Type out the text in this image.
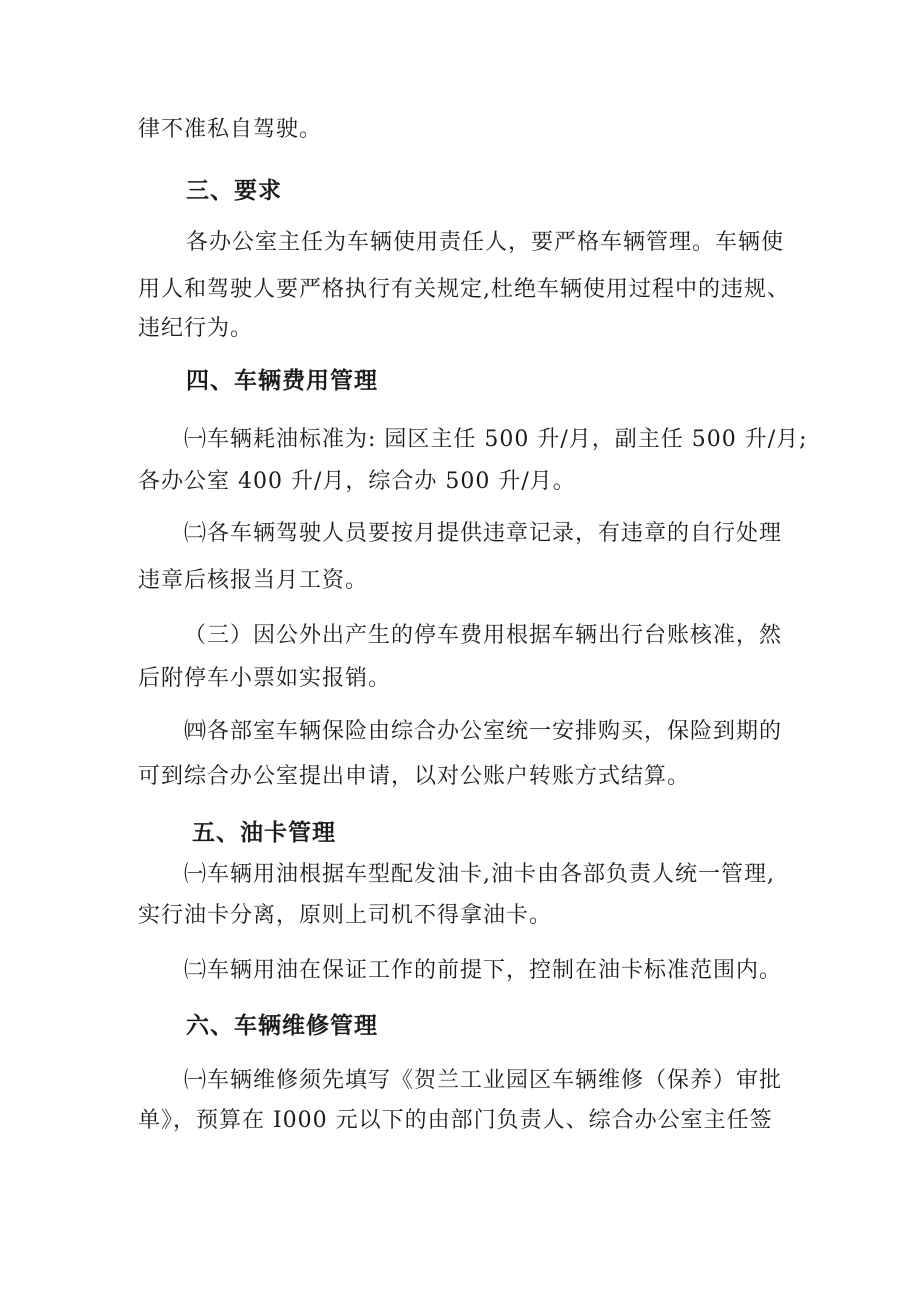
律不准私自驾驶。
三、要求
各办公室主任为车辆使用责任人，要严格车辆管理。车辆使
用人和驾驶人要严格执行有关规定,杜绝车辆使用过程中的违规、
违纪行为。
四、车辆费用管理
㈠车辆耗油标准为: 园区主任 500 升/月，副主任 500 升/月;
各办公室 400 升/月，综合办 500 升/月。
㈡各车辆驾驶人员要按月提供违章记录，有违章的自行处理
违章后核报当月工资。
（三）因公外出产生的停车费用根据车辆出行台账核准，然
后附停车小票如实报销。
㈣各部室车辆保险由综合办公室统一安排购买，保险到期的
可到综合办公室提出申请，以对公账户转账方式结算。
五、油卡管理
㈠车辆用油根据车型配发油卡,油卡由各部负责人统一管理,
实行油卡分离，原则上司机不得拿油卡。
㈡车辆用油在保证工作的前提下，控制在油卡标准范围内。
六、车辆维修管理
㈠车辆维修须先填写《贺兰工业园区车辆维修（保养）审批
单》，预算在 I000 元以下的由部门负责人、综合办公室主任签
